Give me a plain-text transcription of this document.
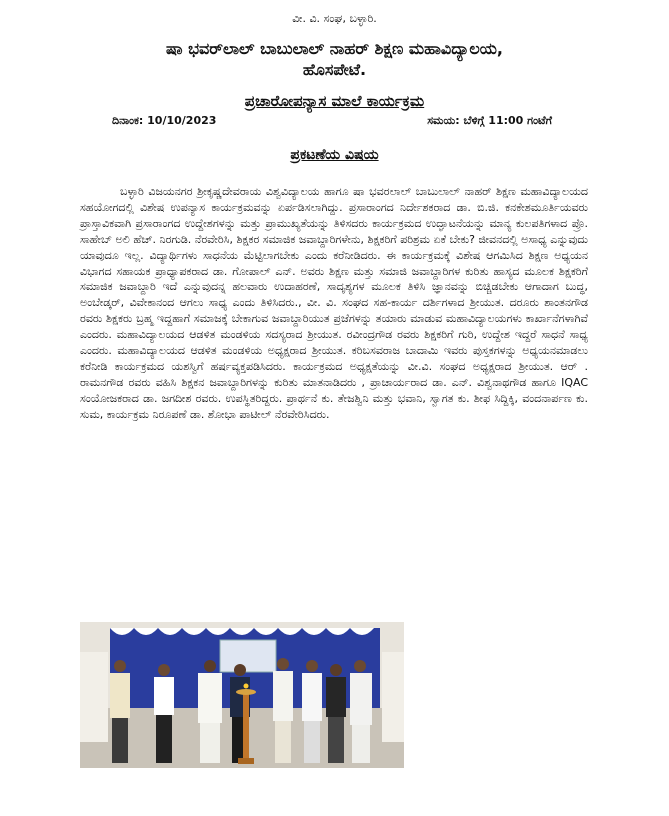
ವೀ. ವಿ. ಸಂಘ, ಬಳ್ಳಾರಿ.
ಷಾ ಭವರ್‌ಲಾಲ್ ಬಾಬುಲಾಲ್ ನಾಹರ್ ಶಿಕ್ಷಣ ಮಹಾವಿದ್ಯಾಲಯ,
ಹೊಸಪೇಟೆ.
ಪ್ರಚಾರೋಪನ್ಯಾಸ ಮಾಲೆ ಕಾರ್ಯಕ್ರಮ
ದಿನಾಂಕ: 10/10/2023	ಸಮಯ: ಬೆಳಿಗ್ಗೆ 11:00 ಗಂಟೆಗೆ
ಪ್ರಕಟಣೆಯ ವಿಷಯ
ಬಳ್ಳಾರಿ ವಿಜಯನಗರ ಶ್ರೀಕೃಷ್ಣದೇವರಾಯ ವಿಶ್ವವಿದ್ಯಾಲಯ ಹಾಗೂ ಷಾ ಭವರಲಾಲ್ ಬಾಬುಲಾಲ್ ನಾಹರ್ ಶಿಕ್ಷಣ ಮಹಾವಿದ್ಯಾಲಯದ ಸಹಯೋಗದಲ್ಲಿ ವಿಶೇಷ ಉಪನ್ಯಾಸ ಕಾರ್ಯಕ್ರಮವನ್ನು ಏರ್ಪಡಿಸಲಾಗಿದ್ದು. ಪ್ರಸಾರಾಂಗದ ನಿರ್ದೇಶಕರಾದ ಡಾ. ಬಿ.ಜಿ. ಕನಕೇಶಮೂರ್ತಿಯವರು ಪ್ರಾಸ್ತಾವಿಕವಾಗಿ ಪ್ರಸಾರಾಂಗದ ಉದ್ದೇಶಗಳನ್ನು ಮತ್ತು ಪ್ರಾಮುಖ್ಯತೆಯನ್ನು ತಿಳಿಸದರು ಕಾರ್ಯಕ್ರಮದ ಉದ್ಘಾಟನೆಯನ್ನು ಮಾನ್ಯ ಕುಲಪತಿಗಳಾದ ಪ್ರೊ. ಸಾಹೇಬ್ ಅಲಿ ಹೆಚ್. ನಿರಗುಡಿ. ನೆರವೇರಿಸಿ, ಶಿಕ್ಷಕರ ಸಮಾಜಿಕ ಜವಾಬ್ದಾರಿಗಳೇನು, ಶಿಕ್ಷಕರಿಗೆ ಪರಿಶ್ರಮ ಏಕೆ ಬೇಕು? ಜೀವನದಲ್ಲಿ ಅಸಾಧ್ಯ ಎನ್ನುವುದು ಯಾವುದೂ ಇಲ್ಲ. ವಿದ್ಯಾರ್ಥಿಗಳು ಸಾಧನೆಯ ಮೆಟ್ಟಿಲಾಗಬೇಕು ಎಂದು ಕರೆನೀಡಿದರು. ಈ ಕಾರ್ಯಕ್ರಮಕ್ಕೆ ವಿಶೇಷ ಆಗಮಿಸಿದ ಶಿಕ್ಷಣ ಅಧ್ಯಯನ ವಿಭಾಗದ ಸಹಾಯಕ ಪ್ರಾಧ್ಯಾಪಕರಾದ ಡಾ. ಗೋಪಾಲ್ ಎನ್. ಅವರು ಶಿಕ್ಷಣ ಮತ್ತು ಸಮಾಜಿ ಜವಾಬ್ದಾರಿಗಳ ಕುರಿತು ಹಾಸ್ಯದ ಮೂಲಕ ಶಿಕ್ಷಕರಿಗೆ ಸಮಾಜಿಕ ಜವಾಬ್ದಾರಿ ಇದೆ ಎನ್ನುವುದನ್ನ ಹಲವಾರು ಉದಾಹರಣೆ, ಸಾದೃಶ್ಯಗಳ ಮೂಲಕ ತಿಳಿಸಿ ಜ್ಞಾನವನ್ನು ಬಿಚ್ಚಿಡಬೇಕು ಆಗಾದಾಗ ಬುದ್ಧ, ಅಂಬೇಡ್ಕರ್, ವಿವೇಕಾನಂದ ಆಗಲು ಸಾಧ್ಯ ಎಂದು ತಿಳಿಸಿದರು., ವೀ. ವಿ. ಸಂಘದ ಸಹ-ಕಾರ್ಯ ದರ್ಶಿಗಳಾದ ಶ್ರೀಯುತ. ದರೂರು ಶಾಂತನಗೌಡ ರವರು ಶಿಕ್ಷಕರು ಬ್ರಹ್ಮ ಇದ್ದಹಾಗೆ ಸಮಾಜಕ್ಕೆ ಬೇಕಾಗುವ ಜವಾಬ್ದಾರಿಯುತ ಪ್ರಜೆಗಳನ್ನು ತಯಾರು ಮಾಡುವ ಮಹಾವಿದ್ಯಾಲಯಗಳು ಕಾರ್ಖಾನೆಗಳಾಗಿವೆ ಎಂದರು. ಮಹಾವಿದ್ಯಾಲಯದ ಆಡಳಿತ ಮಂಡಳಿಯ ಸದಸ್ಯರಾದ ಶ್ರೀಯುತ. ರವೀಂದ್ರಗೌಡ ರವರು ಶಿಕ್ಷಕರಿಗೆ ಗುರಿ, ಉದ್ದೇಶ ಇದ್ದರೆ ಸಾಧನೆ ಸಾಧ್ಯ ಎಂದರು. ಮಹಾವಿದ್ಯಾಲಯದ ಆಡಳಿತ ಮಂಡಳಿಯ ಅಧ್ಯಕ್ಷರಾದ ಶ್ರೀಯುತ. ಕರಿಬಸವರಾಜ ಬಾದಾಮಿ ಇವರು ಪುಸ್ತಕಗಳನ್ನು ಅಧ್ಯಯನಮಾಡಲು ಕರೆನೀಡಿ ಕಾರ್ಯಕ್ರಮದ ಯಶಸ್ವಿಗೆ ಹರ್ಷವ್ಯಕ್ತಪಡಿಸಿದರು. ಕಾರ್ಯಕ್ರಮದ ಅಧ್ಯಕ್ಷತೆಯನ್ನು ವೀ.ವಿ. ಸಂಘದ ಅಧ್ಯಕ್ಷರಾದ ಶ್ರೀಯುತ. ಆರ್ . ರಾಮನಗೌಡ ರವರು ವಹಿಸಿ ಶಿಕ್ಷಕನ ಜವಾಬ್ದಾರಿಗಳನ್ನು ಕುರಿತು ಮಾತನಾಡಿದರು , ಪ್ರಾಚಾರ್ಯರಾದ ಡಾ. ಎನ್. ವಿಶ್ವನಾಥಗೌಡ ಹಾಗೂ IQAC ಸಂಯೋಜಕರಾದ ಡಾ. ಜಗದೀಶ ರವರು. ಉಪಸ್ಥಿತರಿದ್ದರು. ಪ್ರಾರ್ಥನೆ ಕು. ತೇಜಶ್ವಿನಿ ಮತ್ತು ಭವಾನಿ, ಸ್ವಾಗತ ಕು. ಶೀಫ ಸಿದ್ದಿಕ್ಕಿ, ವಂದನಾರ್ಪಣ ಕು. ಸುಮ, ಕಾರ್ಯಕ್ರಮ ನಿರೂಪಣೆ ಡಾ. ಶೋಭಾ ಪಾಟೀಲ್ ನೆರವೇರಿಸಿದರು.
